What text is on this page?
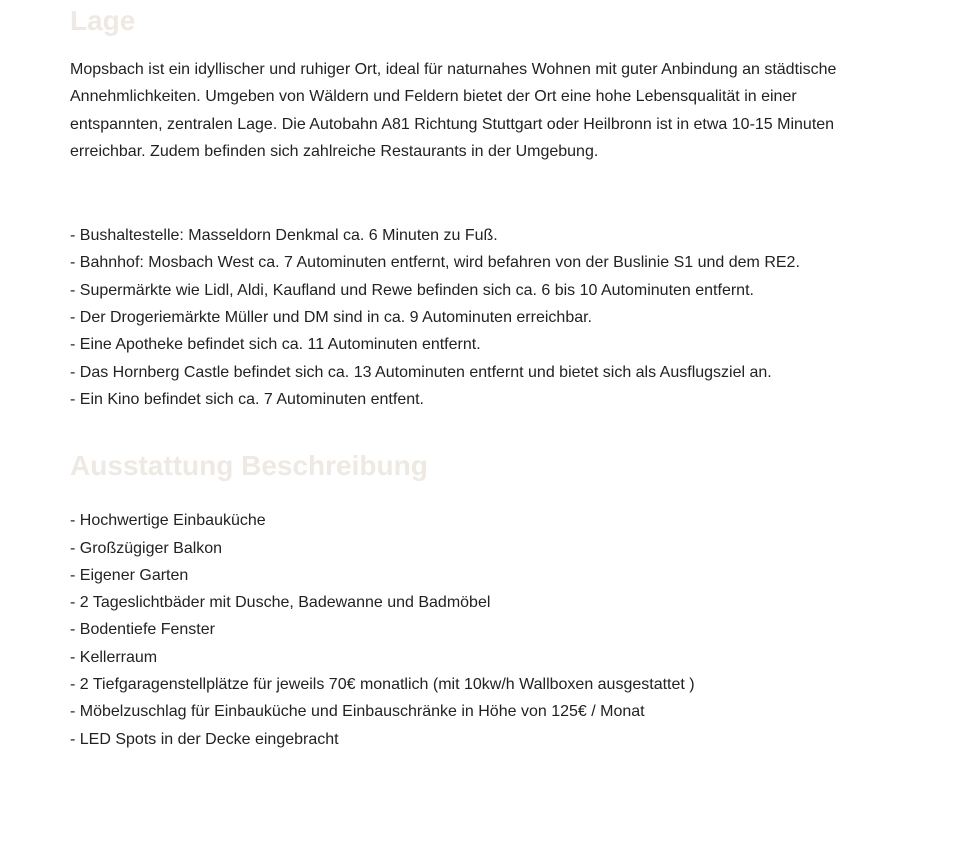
Lage

Mopsbach ist ein idyllischer und ruhiger Ort, ideal für naturnahes Wohnen mit guter Anbindung an städtische Annehmlichkeiten. Umgeben von Wäldern und Feldern bietet der Ort eine hohe Lebensqualität in einer entspannten, zentralen Lage. Die Autobahn A81 Richtung Stuttgart oder Heilbronn ist in etwa 10-15 Minuten erreichbar. Zudem befinden sich zahlreiche Restaurants in der Umgebung.

- Bushaltestelle: Masseldorn Denkmal ca. 6 Minuten zu Fuß.
- Bahnhof: Mosbach West ca. 7 Autominuten entfernt, wird befahren von der Buslinie S1 und dem RE2.
- Supermärkte wie Lidl, Aldi, Kaufland und Rewe befinden sich ca. 6 bis 10 Autominuten entfernt.
- Der Drogeriemärkte Müller und DM sind in ca. 9 Autominuten erreichbar.
- Eine Apotheke befindet sich ca. 11 Autominuten entfernt.
- Das Hornberg Castle befindet sich ca. 13 Autominuten entfernt und bietet sich als Ausflugsziel an.
- Ein Kino befindet sich ca. 7 Autominuten entfent.
Ausstattung Beschreibung
- Hochwertige Einbauküche
- Großzügiger Balkon
- Eigener Garten
- 2 Tageslichtbäder mit Dusche, Badewanne und Badmöbel
- Bodentiefe Fenster
- Kellerraum
- 2 Tiefgaragenstellplätze für jeweils 70€ monatlich (mit 10kw/h Wallboxen ausgestattet )
- Möbelzuschlag für Einbauküche und Einbauschränke in Höhe von 125€ / Monat
- LED Spots in der Decke eingebracht
